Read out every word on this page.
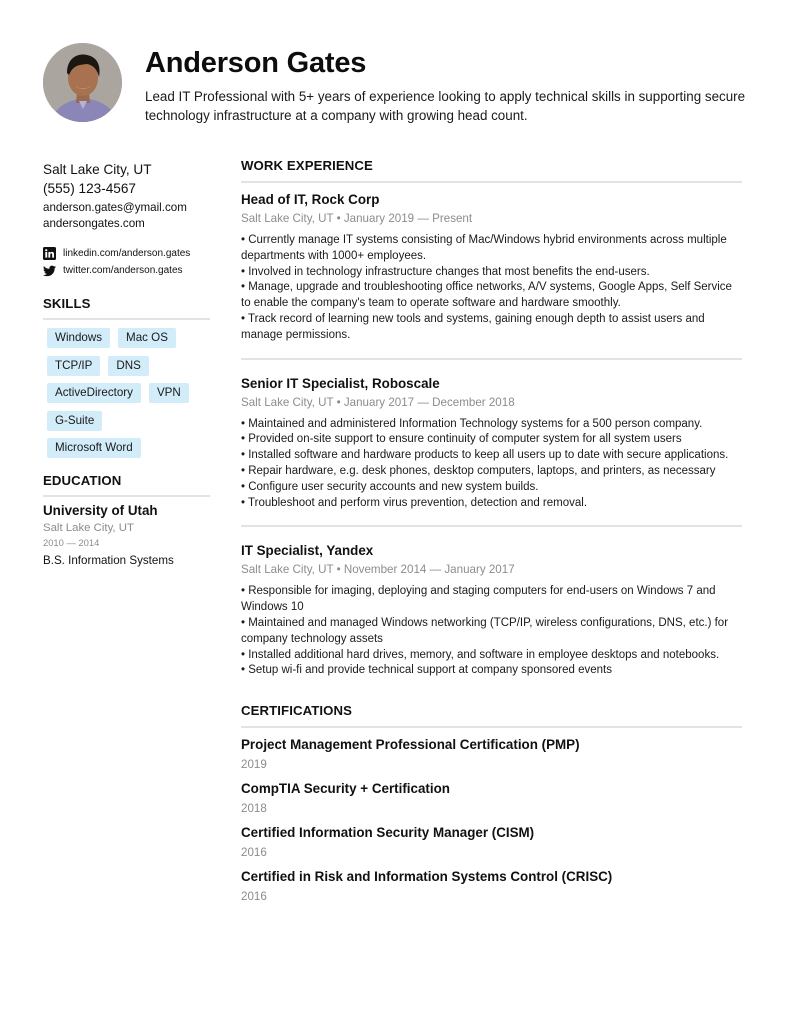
Anderson Gates
Lead IT Professional with 5+ years of experience looking to apply technical skills in supporting secure technology infrastructure at a company with growing head count.
Salt Lake City, UT
(555) 123-4567
anderson.gates@ymail.com
andersongates.com
linkedin.com/anderson.gates
twitter.com/anderson.gates
SKILLS
Windows	Mac OS
TCP/IP	DNS
ActiveDirectory	VPN
G-Suite
Microsoft Word
EDUCATION
University of Utah
Salt Lake City, UT
2010 — 2014
B.S. Information Systems
WORK EXPERIENCE
Head of IT, Rock Corp
Salt Lake City, UT • January 2019 — Present
• Currently manage IT systems consisting of Mac/Windows hybrid environments across multiple departments with 1000+ employees.
• Involved in technology infrastructure changes that most benefits the end-users.
• Manage, upgrade and troubleshooting office networks, A/V systems, Google Apps, Self Service to enable the company's team to operate software and hardware smoothly.
• Track record of learning new tools and systems, gaining enough depth to assist users and manage permissions.
Senior IT Specialist, Roboscale
Salt Lake City, UT • January 2017 — December 2018
• Maintained and administered Information Technology systems for a 500 person company.
• Provided on-site support to ensure continuity of computer system for all system users
• Installed software and hardware products to keep all users up to date with secure applications.
• Repair hardware, e.g. desk phones, desktop computers, laptops, and printers, as necessary
• Configure user security accounts and new system builds.
• Troubleshoot and perform virus prevention, detection and removal.
IT Specialist, Yandex
Salt Lake City, UT • November 2014 — January 2017
• Responsible for imaging, deploying and staging computers for end-users on Windows 7 and Windows 10
• Maintained and managed Windows networking (TCP/IP, wireless configurations, DNS, etc.) for company technology assets
• Installed additional hard drives, memory, and software in employee desktops and notebooks.
• Setup wi-fi and provide technical support at company sponsored events
CERTIFICATIONS
Project Management Professional Certification (PMP)
2019
CompTIA Security + Certification
2018
Certified Information Security Manager (CISM)
2016
Certified in Risk and Information Systems Control (CRISC)
2016
